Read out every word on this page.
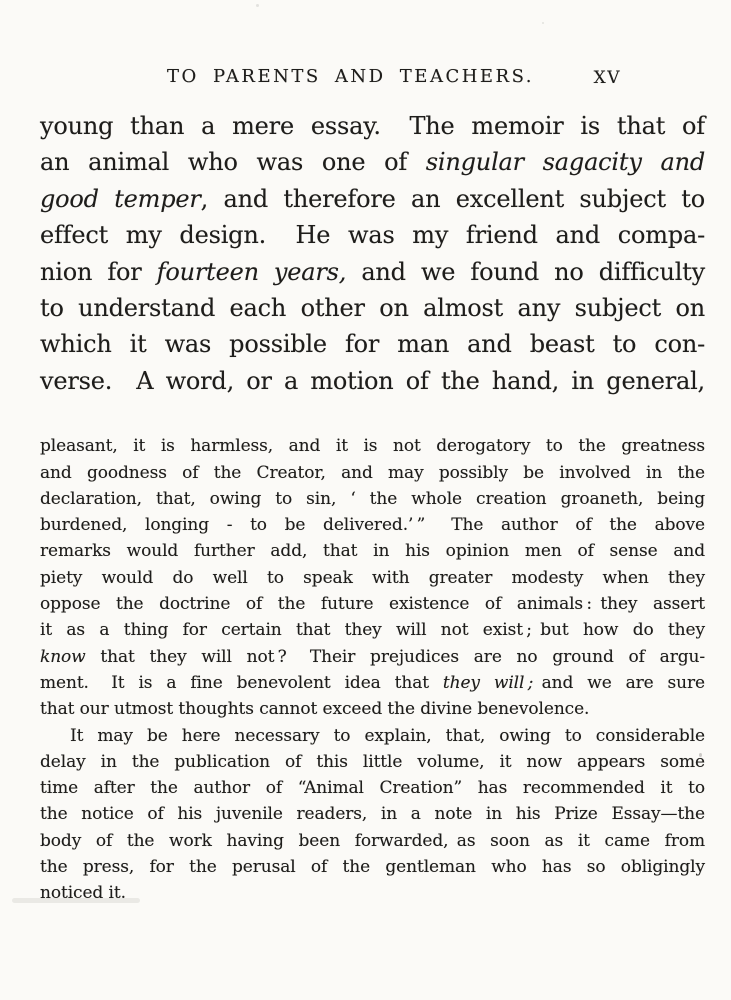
TO PARENTS AND TEACHERS.	XV
young than a mere essay.  The memoir is that of
an animal who was one of singular sagacity and
good temper, and therefore an excellent subject to
effect my design.  He was my friend and compa-
nion for fourteen years, and we found no difficulty
to understand each other on almost any subject on
which it was possible for man and beast to con-
verse.  A word, or a motion of the hand, in general,
pleasant, it is harmless, and it is not derogatory to the greatness
and goodness of the Creator, and may possibly be involved in the
declaration, that, owing to sin, ‘ the whole creation groaneth, being
burdened, longing - to be delivered.’ ”  The author of the above
remarks would further add, that in his opinion men of sense and
piety would do well to speak with greater modesty when they
oppose the doctrine of the future existence of animals : they assert
it as a thing for certain that they will not exist ; but how do they
know that they will not ?  Their prejudices are no ground of argu-
ment.  It is a fine benevolent idea that they will ; and we are sure
that our utmost thoughts cannot exceed the divine benevolence.
It may be here necessary to explain, that, owing to considerable
delay in the publication of this little volume, it now appears some
time after the author of “Animal Creation” has recommended it to
the notice of his juvenile readers, in a note in his Prize Essay—the
body of the work having been forwarded, as soon as it came from
the press, for the perusal of the gentleman who has so obligingly
noticed it.
